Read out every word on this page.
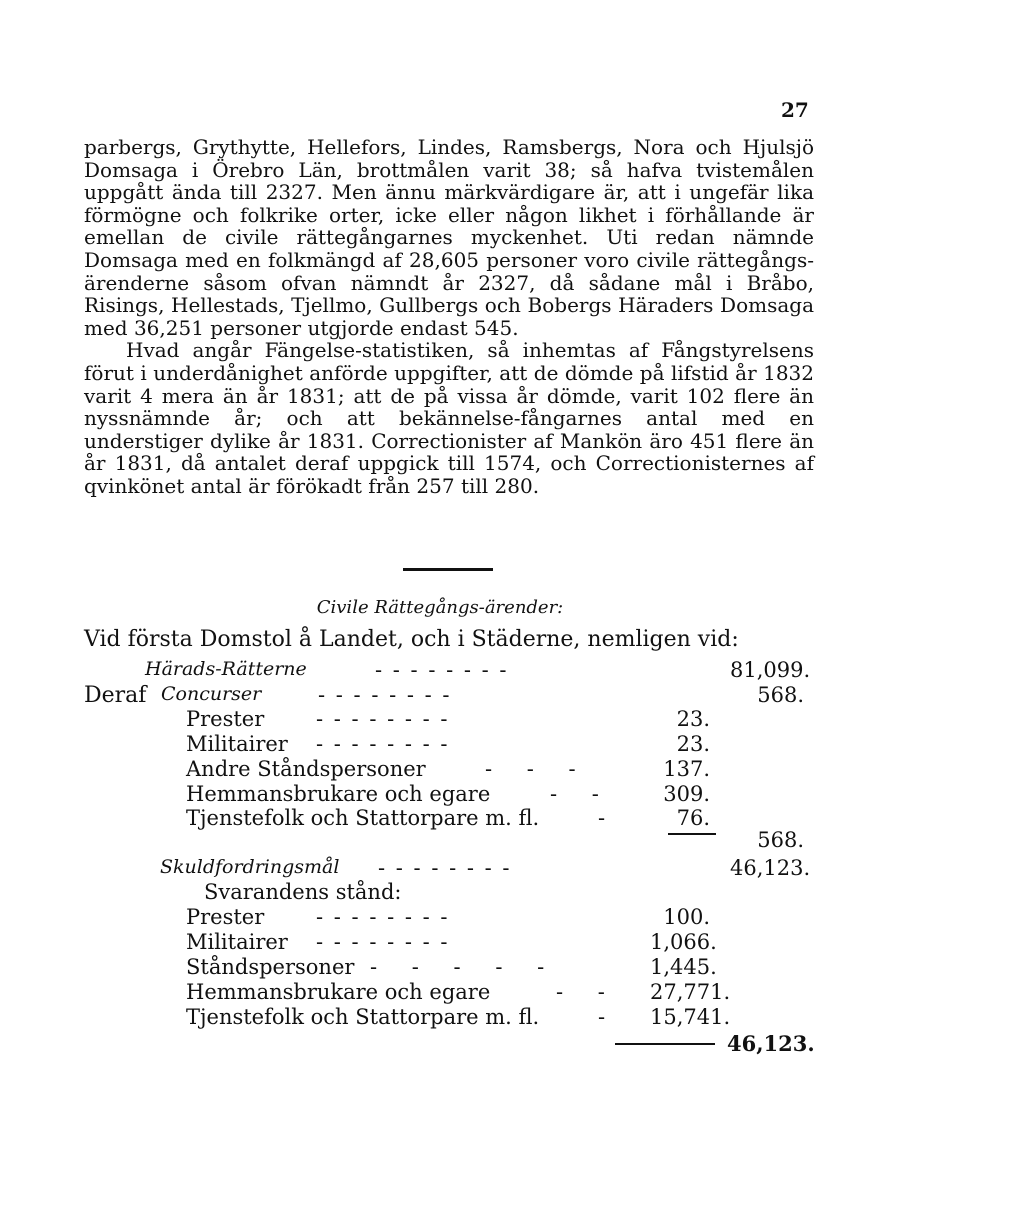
27

parbergs, Grythytte, Hellefors, Lindes, Ramsbergs, Nora och Hjulsjö Domsaga i Örebro Län, brottmålen varit 38; så hafva tvistemålen uppgått ända till 2327. Men ännu märkvärdigare är, att i ungefär lika förmögne och folkrike orter, icke eller någon likhet i förhållande är emellan de civile rättegångarnes myckenhet. Uti redan nämnde Domsaga med en folkmängd af 28,605 personer voro civile rättegångs-ärenderne såsom ofvan nämndt år 2327, då sådane mål i Bråbo, Risings, Hellestads, Tjellmo, Gullbergs och Bobergs Häraders Domsaga med 36,251 personer utgjorde endast 545.

Hvad angår Fängelse-statistiken, så inhemtas af Fångstyrelsens förut i underdånighet anförde uppgifter, att de dömde på lifstid år 1832 varit 4 mera än år 1831; att de på vissa år dömde, varit 102 flere än nyssnämnde år; och att bekännelse-fångarnes antal med en understiger dylike år 1831. Correctionister af Mankön äro 451 flere än år 1831, då antalet deraf uppgick till 1574, och Correctionisternes af qvinkönet antal är förökadt från 257 till 280.

Civile Rättegångs-ärender:
Vid första Domstol å Landet, och i Städerne, nemligen vid:
Härads-Rätterne	- - - - - - - -	81,099.
Deraf Concurser	- - - - - - - -	568.
Prester - - - - - - - -	23.
Militairer - - - - - - - -	23.
Andre Ståndspersoner	- - -	137.
Hemmansbrukare och egare	- -	309.
Tjenstefolk och Stattorpare m. fl.	-	76.
568.
Skuldfordringsmål - - - - - - - -	46,123.
Svarandens stånd:
Prester - - - - - - - -	100.
Militairer - - - - - - - -	1,066.
Ståndspersoner - - - - -	1,445.
Hemmansbrukare och egare	- - 27,771.
Tjenstefolk och Stattorpare m. fl.	- 15,741.
46,123.
